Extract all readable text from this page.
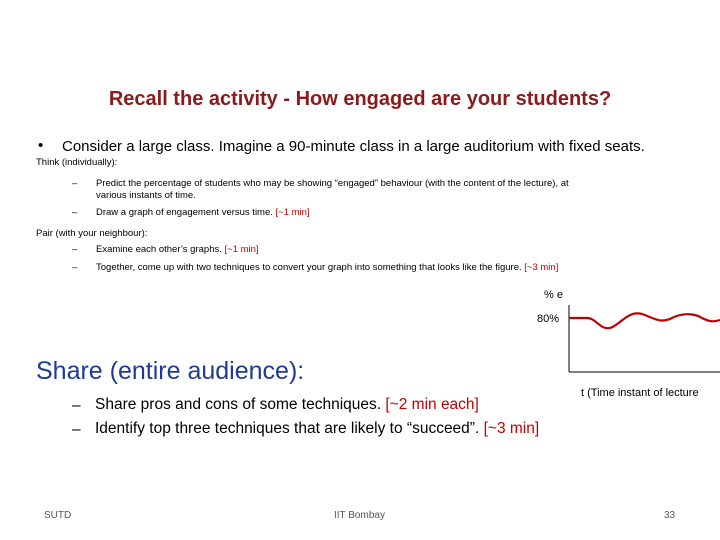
Recall the activity - How engaged are your students?
• Consider a large class. Imagine a 90-minute class in a large auditorium with fixed seats.
Think (individually):
– Predict the percentage of students who may be showing “engaged” behaviour (with the content of the lecture), at
various instants of time.
– Draw a graph of engagement versus time. [~1 min]
Pair (with your neighbour):
– Examine each other’s graphs. [~1 min]
– Together, come up with two techniques to convert your graph into something that looks like the figure. [~3 min]
% e
80%
t (Time instant of lecture
Share (entire audience):
– Share pros and cons of some techniques. [~2 min each]
– Identify top three techniques that are likely to “succeed”. [~3 min]
SUTD	IIT Bombay	33
